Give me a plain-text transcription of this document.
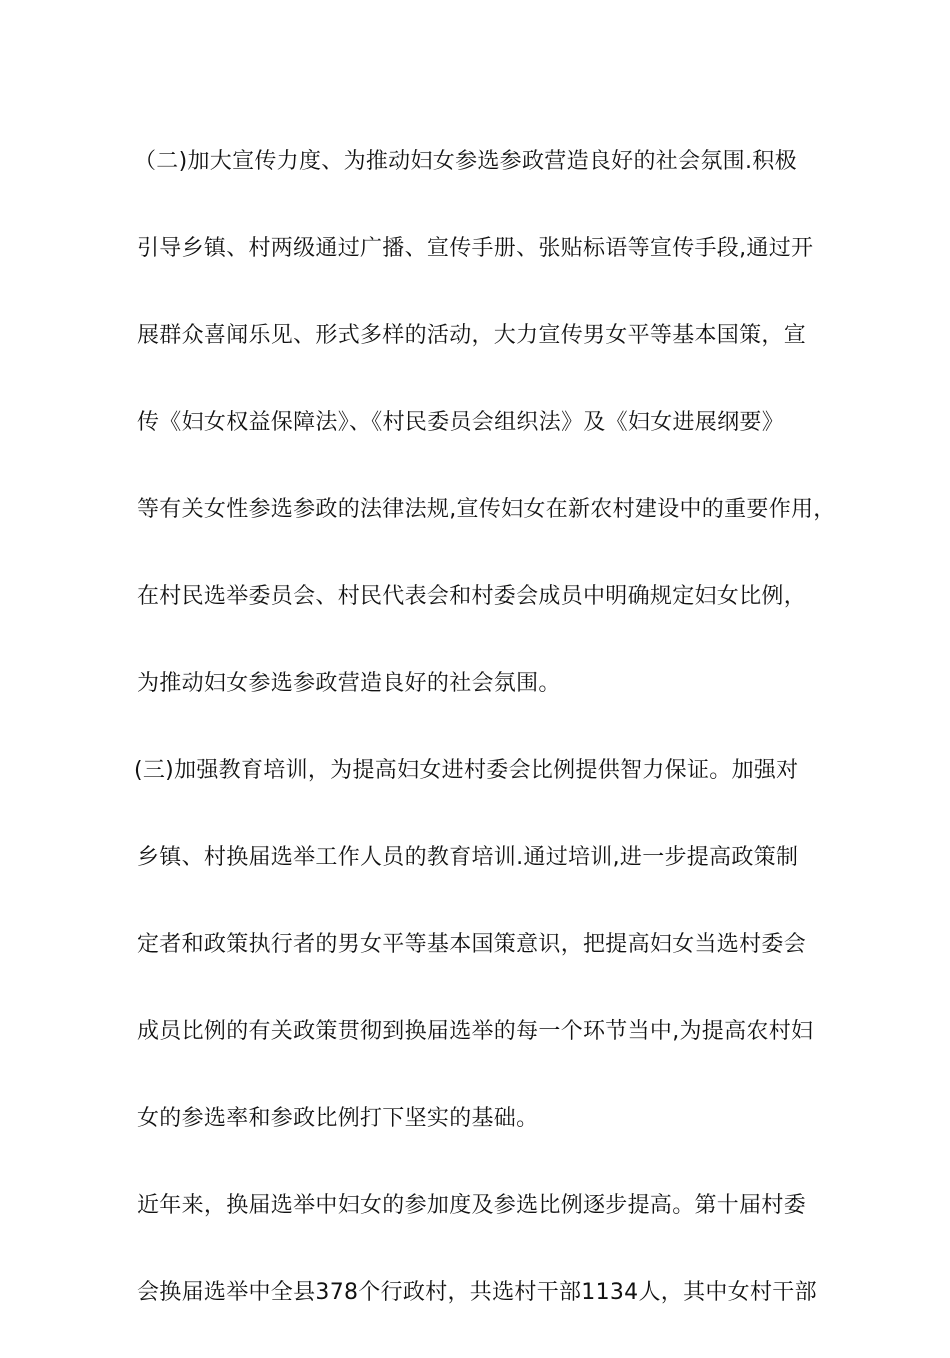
（二)加大宣传力度、为推动妇女参选参政营造良好的社会氛围.积极
引导乡镇、村两级通过广播、宣传手册、张贴标语等宣传手段,通过开
展群众喜闻乐见、形式多样的活动，大力宣传男女平等基本国策，宣
传《妇女权益保障法》、《村民委员会组织法》及《妇女进展纲要》
等有关女性参选参政的法律法规,宣传妇女在新农村建设中的重要作用，
在村民选举委员会、村民代表会和村委会成员中明确规定妇女比例，
为推动妇女参选参政营造良好的社会氛围。
(三)加强教育培训，为提高妇女进村委会比例提供智力保证。加强对
乡镇、村换届选举工作人员的教育培训.通过培训,进一步提高政策制
定者和政策执行者的男女平等基本国策意识，把提高妇女当选村委会
成员比例的有关政策贯彻到换届选举的每一个环节当中,为提高农村妇
女的参选率和参政比例打下坚实的基础。
近年来，换届选举中妇女的参加度及参选比例逐步提高。第十届村委
会换届选举中全县378个行政村，共选村干部1134人，其中女村干部
